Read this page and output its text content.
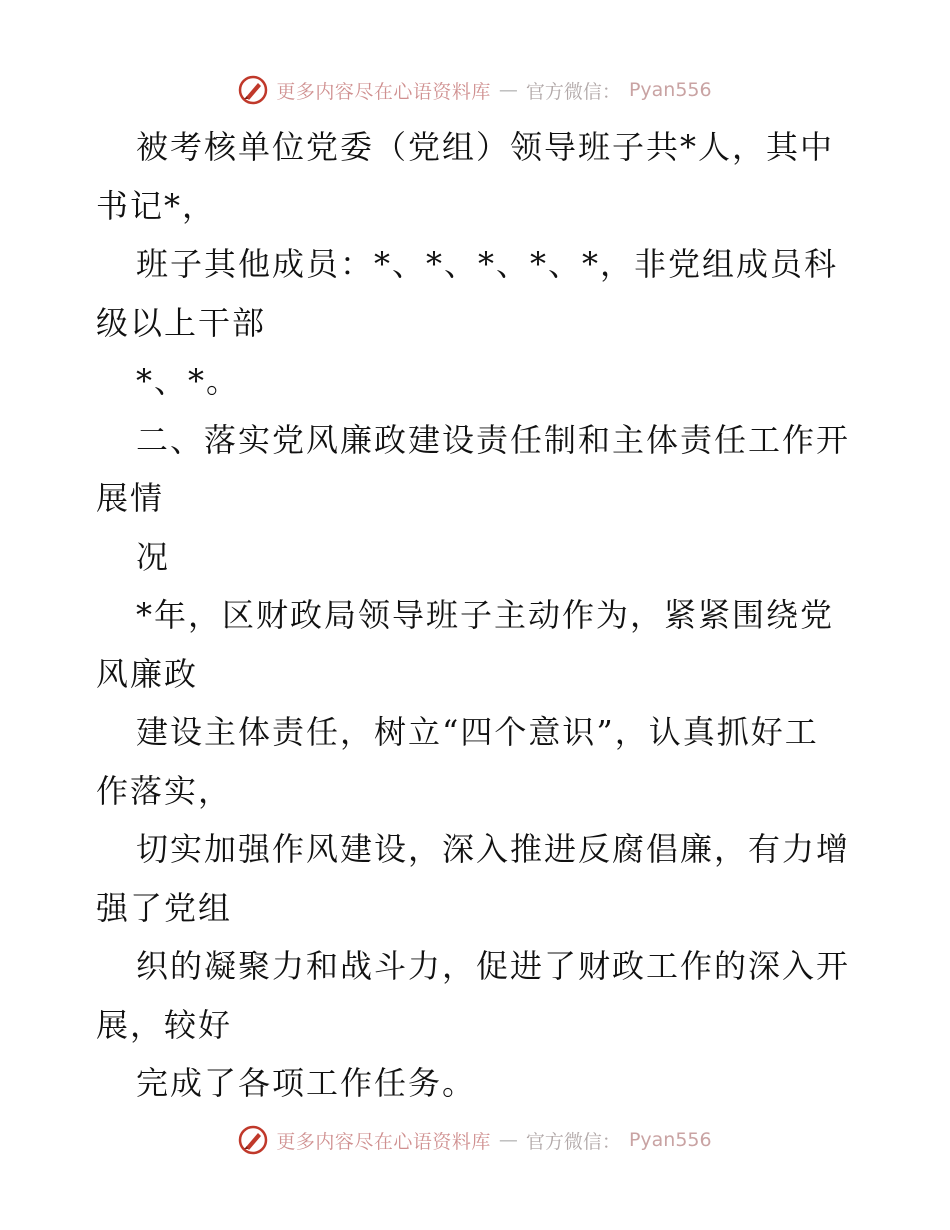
更多内容尽在心语资料库 — 官方微信： Pyan556
被考核单位党委（党组）领导班子共*人，其中
书记*，
班子其他成员：*、*、*、*、*，非党组成员科
级以上干部
*、*。
二、落实党风廉政建设责任制和主体责任工作开
展情
况
*年，区财政局领导班子主动作为，紧紧围绕党
风廉政
建设主体责任，树立“四个意识”，认真抓好工
作落实，
切实加强作风建设，深入推进反腐倡廉，有力增
强了党组
织的凝聚力和战斗力，促进了财政工作的深入开
展，较好
完成了各项工作任务。
更多内容尽在心语资料库 — 官方微信： Pyan556
